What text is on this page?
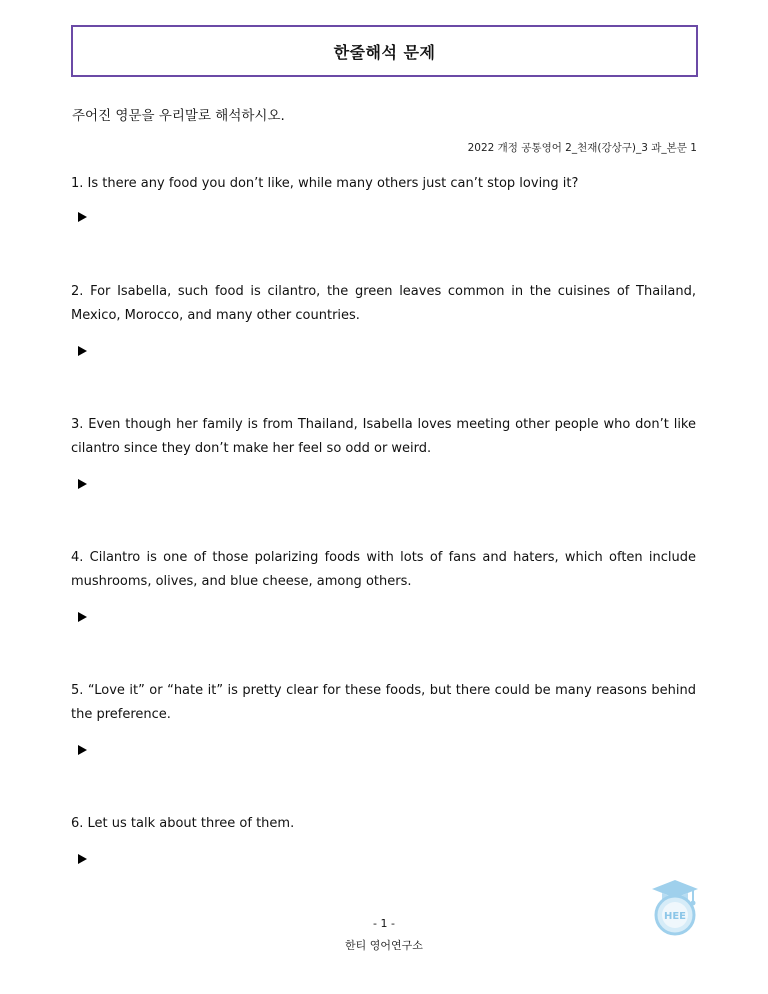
한줄해석 문제
주어진 영문을 우리말로 해석하시오.
2022 개정 공통영어 2_천재(강상구)_3 과_본문 1

1. Is there any food you don’t like, while many others just can’t stop loving it?

2. For Isabella, such food is cilantro, the green leaves common in the cuisines of Thailand, Mexico, Morocco, and many other countries.

3. Even though her family is from Thailand, Isabella loves meeting other people who don’t like cilantro since they don’t make her feel so odd or weird.

4. Cilantro is one of those polarizing foods with lots of fans and haters, which often include mushrooms, olives, and blue cheese, among others.

5. “Love it” or “hate it” is pretty clear for these foods, but there could be many reasons behind the preference.

6. Let us talk about three of them.

- 1 -
한티 영어연구소
HEE
